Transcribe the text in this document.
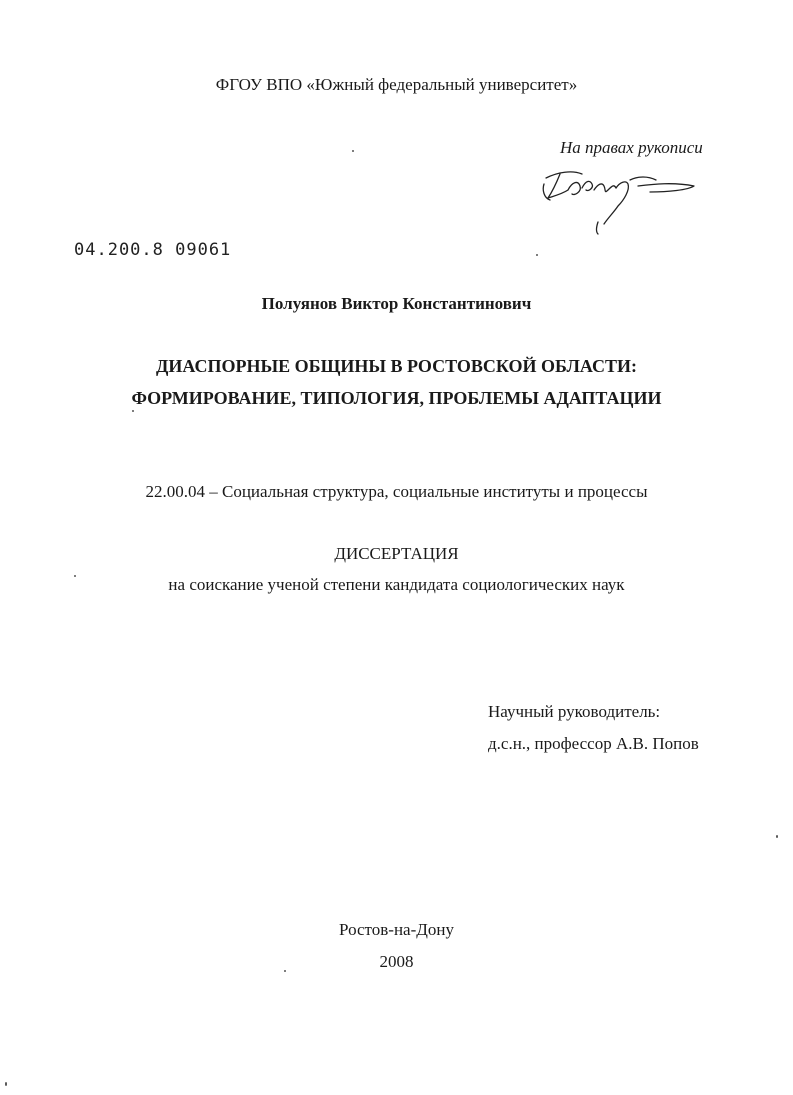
ФГОУ ВПО «Южный федеральный университет»
На правах рукописи
04.200.8 09061
Полуянов Виктор Константинович
ДИАСПОРНЫЕ ОБЩИНЫ В РОСТОВСКОЙ ОБЛАСТИ:
ФОРМИРОВАНИЕ, ТИПОЛОГИЯ, ПРОБЛЕМЫ АДАПТАЦИИ
22.00.04 – Социальная структура, социальные институты и процессы
ДИССЕРТАЦИЯ
на соискание ученой степени кандидата социологических наук
Научный руководитель:
д.с.н., профессор А.В. Попов
Ростов-на-Дону
2008
